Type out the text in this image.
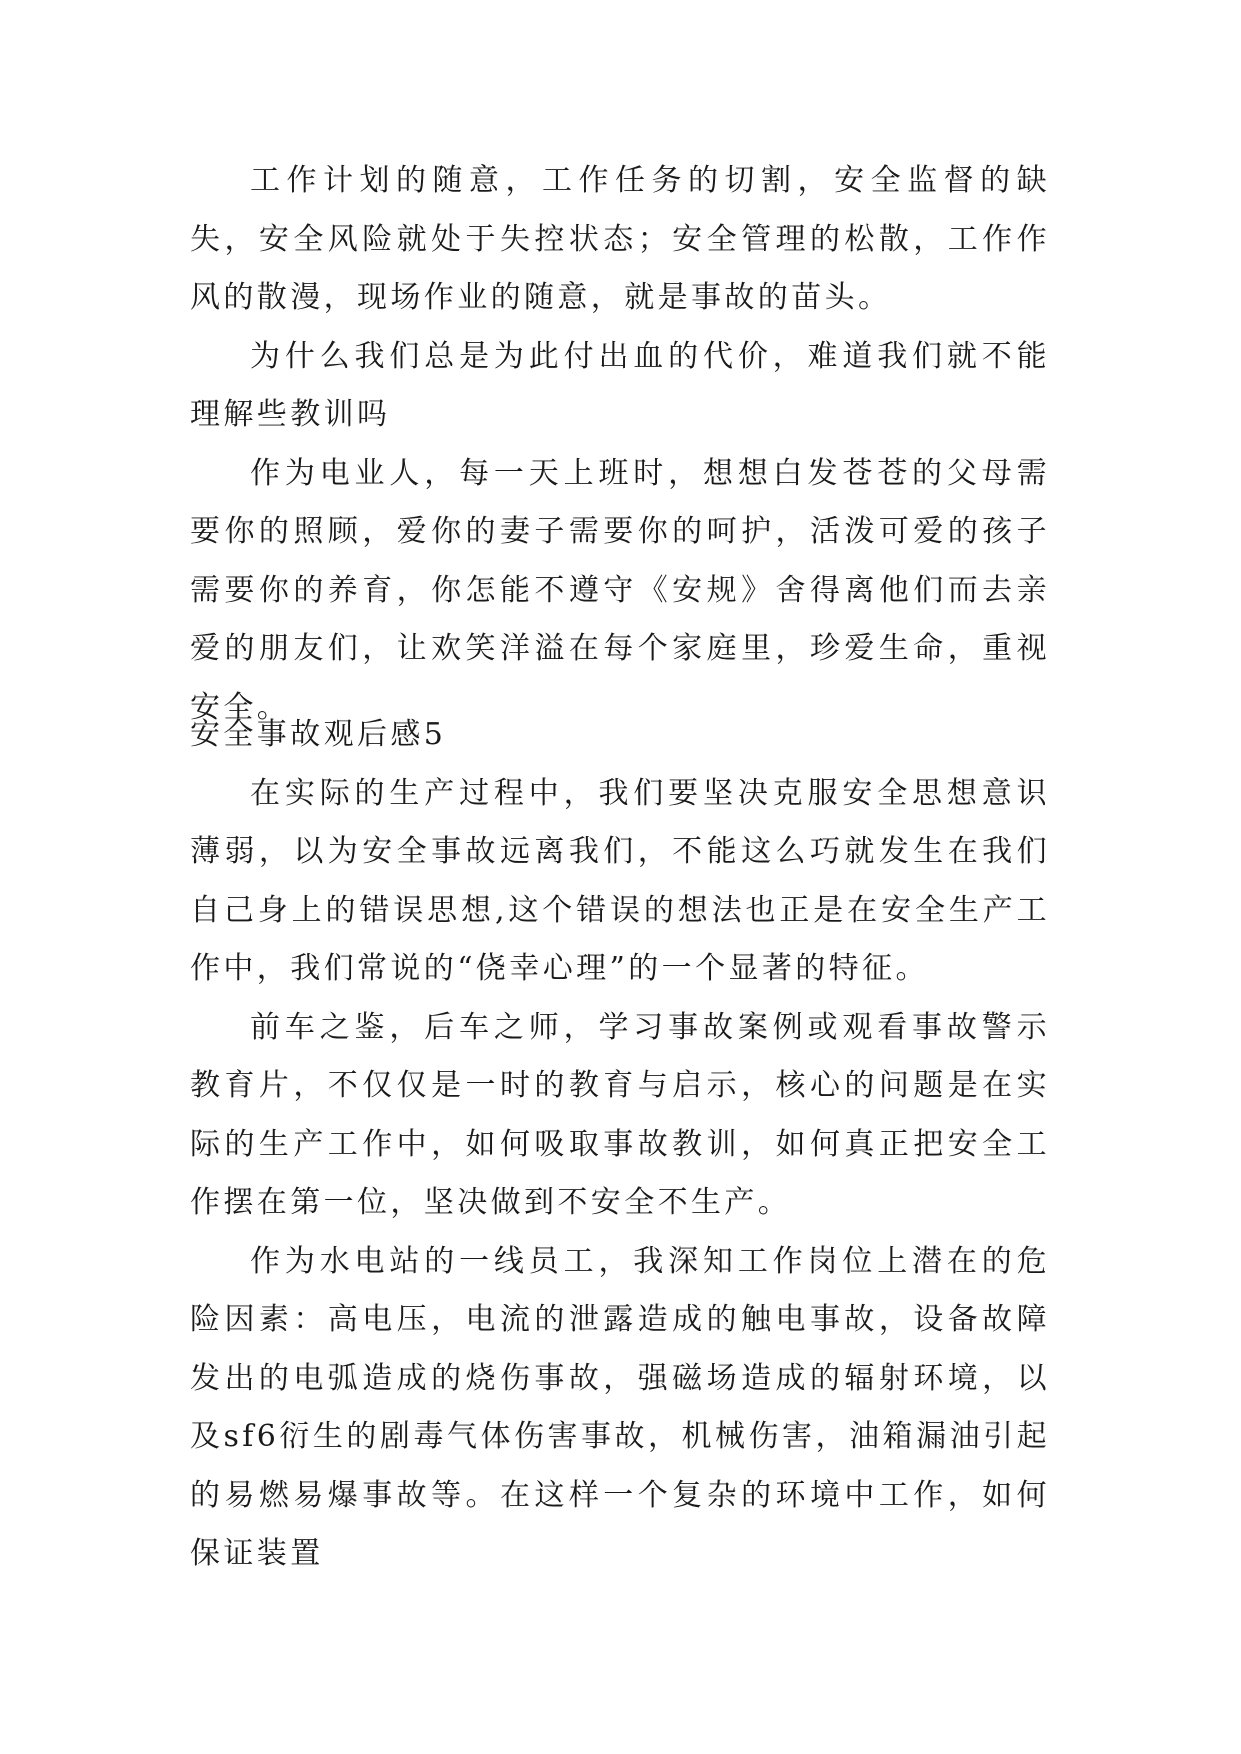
工作计划的随意，工作任务的切割，安全监督的缺失，安全风险就处于失控状态；安全管理的松散，工作作风的散漫，现场作业的随意，就是事故的苗头。

为什么我们总是为此付出血的代价，难道我们就不能理解些教训吗

作为电业人，每一天上班时，想想白发苍苍的父母需要你的照顾，爱你的妻子需要你的呵护，活泼可爱的孩子需要你的养育，你怎能不遵守《安规》舍得离他们而去亲爱的朋友们，让欢笑洋溢在每个家庭里，珍爱生命，重视安全。

安全事故观后感5

在实际的生产过程中，我们要坚决克服安全思想意识薄弱，以为安全事故远离我们，不能这么巧就发生在我们自己身上的错误思想,这个错误的想法也正是在安全生产工作中，我们常说的“侥幸心理”的一个显著的特征。

前车之鉴，后车之师，学习事故案例或观看事故警示教育片，不仅仅是一时的教育与启示，核心的问题是在实际的生产工作中，如何吸取事故教训，如何真正把安全工作摆在第一位，坚决做到不安全不生产。

作为水电站的一线员工，我深知工作岗位上潜在的危险因素：高电压，电流的泄露造成的触电事故，设备故障发出的电弧造成的烧伤事故，强磁场造成的辐射环境，以及sf6衍生的剧毒气体伤害事故，机械伤害，油箱漏油引起的易燃易爆事故等。在这样一个复杂的环境中工作，如何保证装置
